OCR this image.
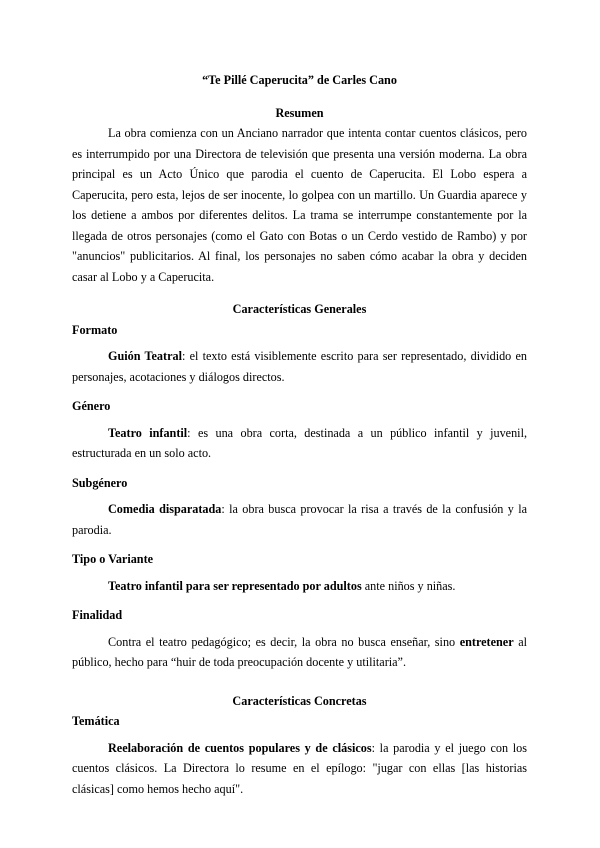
“Te Pillé Caperucita” de Carles Cano

Resumen

La obra comienza con un Anciano narrador que intenta contar cuentos clásicos, pero es interrumpido por una Directora de televisión que presenta una versión moderna. La obra principal es un Acto Único que parodia el cuento de Caperucita. El Lobo espera a Caperucita, pero esta, lejos de ser inocente, lo golpea con un martillo. Un Guardia aparece y los detiene a ambos por diferentes delitos. La trama se interrumpe constantemente por la llegada de otros personajes (como el Gato con Botas o un Cerdo vestido de Rambo) y por "anuncios" publicitarios. Al final, los personajes no saben cómo acabar la obra y deciden casar al Lobo y a Caperucita.

Características Generales

Formato

Guión Teatral: el texto está visiblemente escrito para ser representado, dividido en personajes, acotaciones y diálogos directos.

Género

Teatro infantil: es una obra corta, destinada a un público infantil y juvenil, estructurada en un solo acto.

Subgénero

Comedia disparatada: la obra busca provocar la risa a través de la confusión y la parodia.

Tipo o Variante

Teatro infantil para ser representado por adultos ante niños y niñas.

Finalidad

Contra el teatro pedagógico; es decir, la obra no busca enseñar, sino entretener al público, hecho para “huir de toda preocupación docente y utilitaria”.

Características Concretas

Temática

Reelaboración de cuentos populares y de clásicos: la parodia y el juego con los cuentos clásicos. La Directora lo resume en el epílogo: "jugar con ellas [las historias clásicas] como hemos hecho aquí".
